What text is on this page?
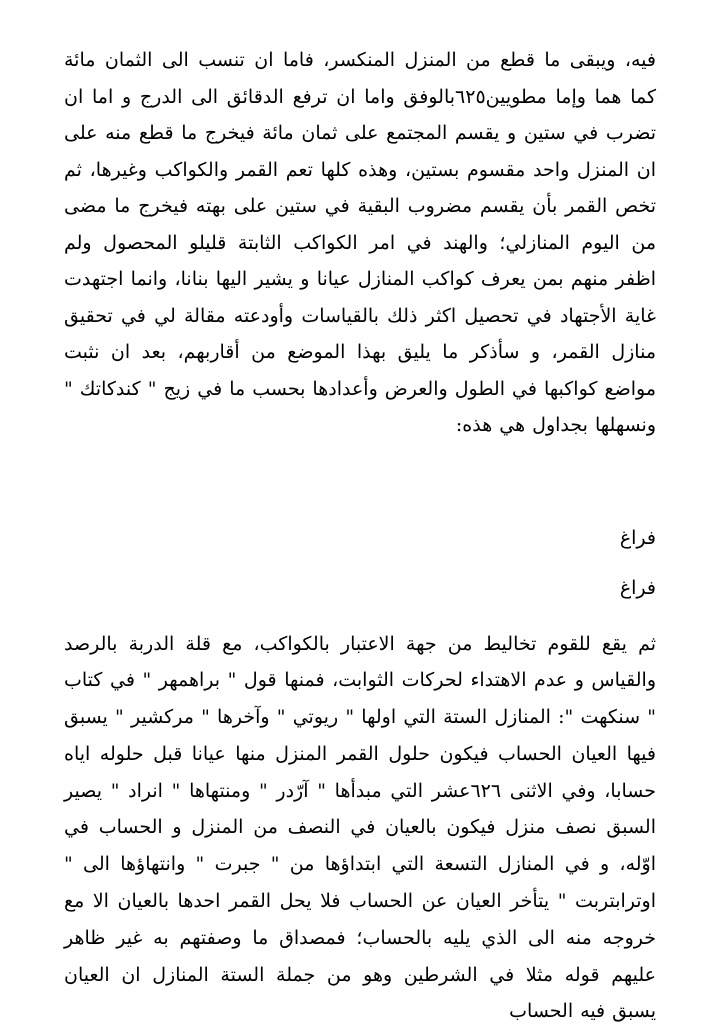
فيه، ويبقى ما قطع من المنزل المنكسر، فاما ان تنسب الى الثمان مائة كما هما وإما مطويين٦٢٥بالوفق واما ان ترفع الدقائق الى الدرج و اما ان تضرب في ستين و يقسم المجتمع على ثمان مائة فيخرج ما قطع منه على ان المنزل واحد مقسوم بستين، وهذه كلها تعم القمر والكواكب وغيرها، ثم تخص القمر بأن يقسم مضروب البقية في ستين على بهته فيخرج ما مضى من اليوم المنازلي؛ والهند في امر الكواكب الثابتة قليلو المحصول ولم اظفر منهم بمن يعرف كواكب المنازل عيانا و يشير اليها بنانا، وانما اجتهدت غاية الأجتهاد في تحصيل اكثر ذلك بالقياسات وأودعته مقالة لي في تحقيق منازل القمر، و سأذكر ما يليق بهذا الموضع من أقاربهم، بعد ان نثبت مواضع كواكبها في الطول والعرض وأعدادها بحسب ما في زيج " كندكاتك " ونسهلها بجداول هي هذه:

فراغ

فراغ

ثم يقع للقوم تخاليط من جهة الاعتبار بالكواكب، مع قلة الدربة بالرصد والقياس و عدم الاهتداء لحركات الثوابت، فمنها قول " براهمهر " في كتاب " سنكهت ": المنازل الستة التي اولها " ريوتي " وآخرها " مركشير " يسبق فيها العيان الحساب فيكون حلول القمر المنزل منها عيانا قبل حلوله اياه حسابا، وفي الاثنى ٦٢٦عشر التي مبدأها " آرّدر " ومنتهاها " انراد " يصير السبق نصف منزل فيكون بالعيان في النصف من المنزل و الحساب في اوّله، و في المنازل التسعة التي ابتداؤها من " جبرت " وانتهاؤها الى " اوترابتربت " يتأخر العيان عن الحساب فلا يحل القمر احدها بالعيان الا مع خروجه منه الى الذي يليه بالحساب؛ فمصداق ما وصفتهم به غير ظاهر عليهم قوله مثلا في الشرطين وهو من جملة الستة المنازل ان العيان يسبق فيه الحساب
